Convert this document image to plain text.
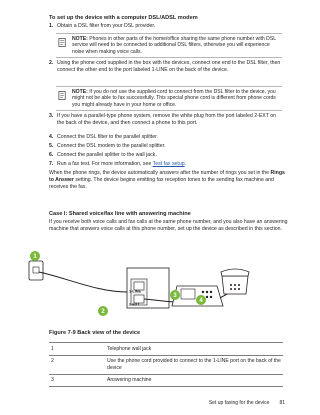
To set up the device with a computer DSL/ADSL modem
1. Obtain a DSL filter from your DSL provider.
NOTE: Phones in other parts of the home/office sharing the same phone number with DSL service will need to be connected to additional DSL filters, otherwise you will experience noise when making voice calls.
2. Using the phone cord supplied in the box with the devices, connect one end to the DSL filter, then connect the other end to the port labeled 1-LINE on the back of the device.
NOTE: If you do not use the supplied cord to connect from the DSL filter to the device, you might not be able to fax successfully. This special phone cord is different from phone cords you might already have in your home or office.
3. If you have a parallel-type phone system, remove the white plug from the port labeled 2-EXT on the back of the device, and then connect a phone to this port.
4. Connect the DSL filter to the parallel splitter.
5. Connect the DSL modem to the parallel splitter.
6. Connect the parallel splitter to the wall jack.
7. Run a fax test. For more information, see Test fax setup.
When the phone rings, the device automatically answers after the number of rings you set in the Rings to Answer setting. The device begins emitting fax reception tones to the sending fax machine and receives the fax.
Case I: Shared voice/fax line with answering machine
If you receive both voice calls and fax calls at the same phone number, and you also have an answering machine that answers voice calls at this phone number, set up the device as described in this section.
1-LINE
2-EXT
1
2
3
4
Figure 7-9 Back view of the device
1	Telephone wall jack
2	Use the phone cord provided to connect to the 1-LINE port on the back of the device
3	Answering machine
Set up faxing for the device 81
